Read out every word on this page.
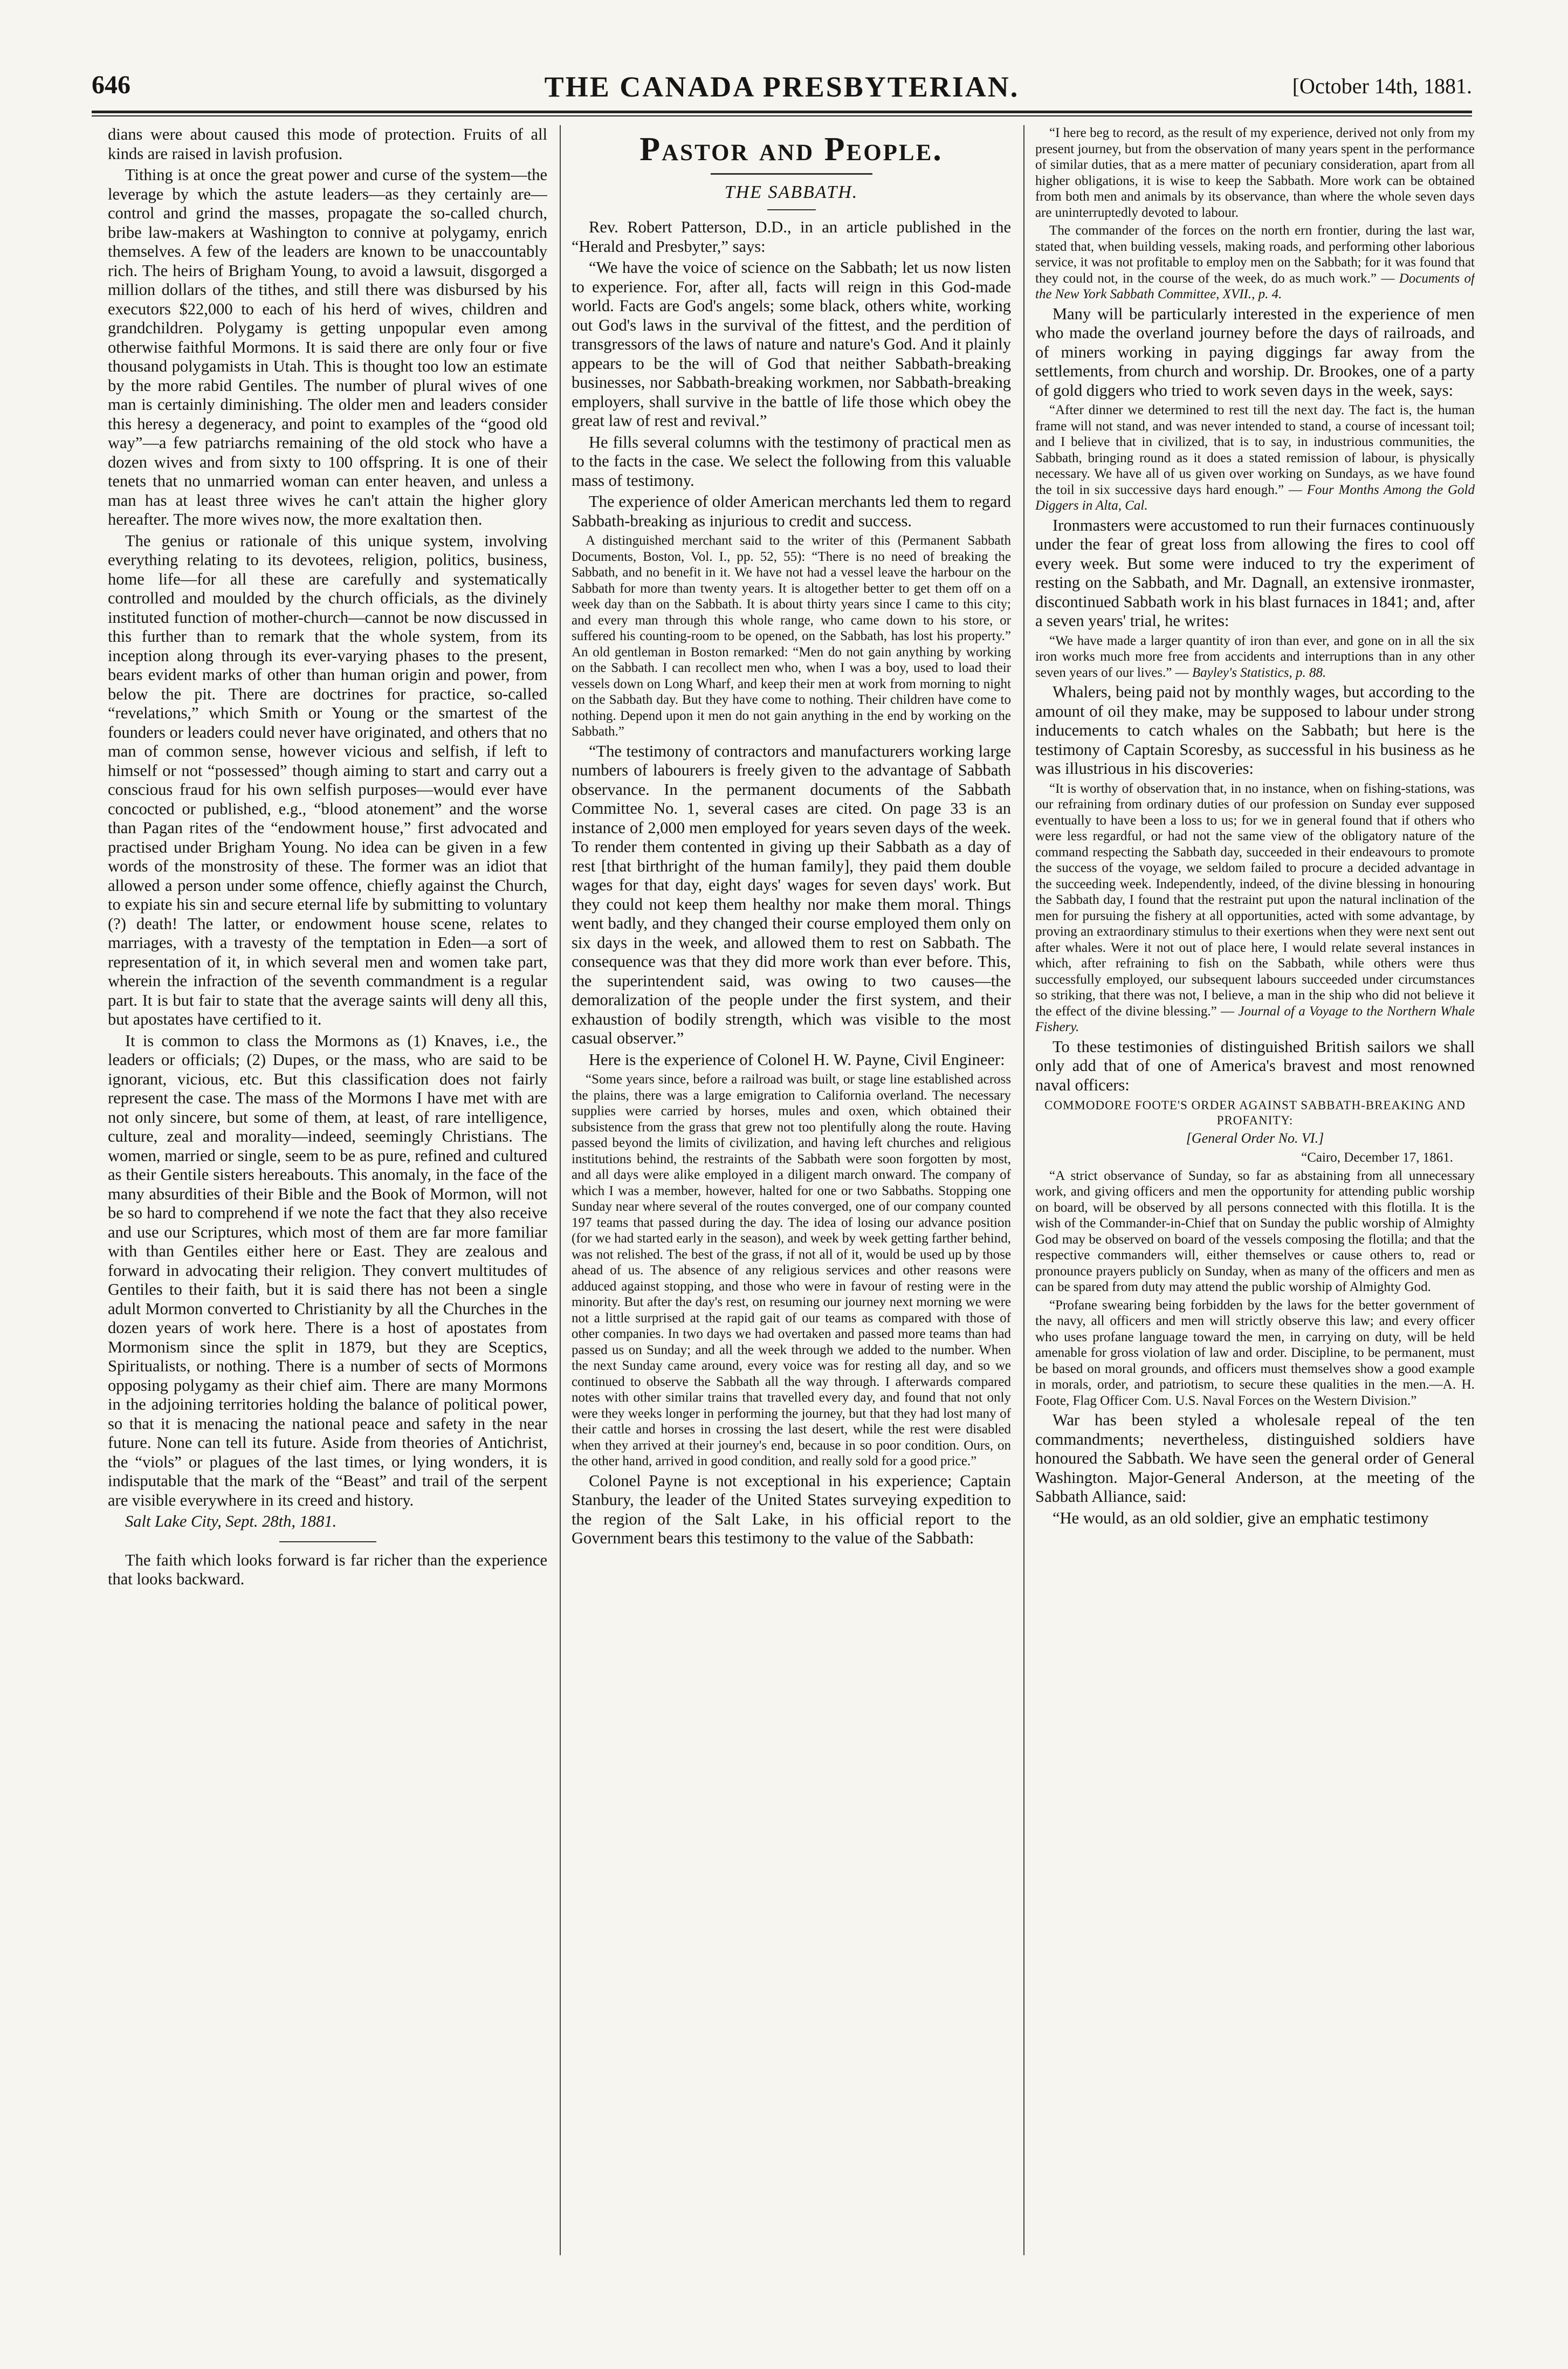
646	THE CANADA PRESBYTERIAN.	[October 14th, 1881.

dians were about caused this mode of protection. Fruits of all kinds are raised in lavish profusion.

Tithing is at once the great power and curse of the system—the leverage by which the astute leaders—as they certainly are—control and grind the masses, propagate the so-called church, bribe law-makers at Washington to connive at polygamy, enrich themselves. A few of the leaders are known to be unaccountably rich. The heirs of Brigham Young, to avoid a lawsuit, disgorged a million dollars of the tithes, and still there was disbursed by his executors $22,000 to each of his herd of wives, children and grandchildren. Polygamy is getting unpopular even among otherwise faithful Mormons. It is said there are only four or five thousand polygamists in Utah. This is thought too low an estimate by the more rabid Gentiles. The number of plural wives of one man is certainly diminishing. The older men and leaders consider this heresy a degeneracy, and point to examples of the “good old way”—a few patriarchs remaining of the old stock who have a dozen wives and from sixty to 100 offspring. It is one of their tenets that no unmarried woman can enter heaven, and unless a man has at least three wives he can't attain the higher glory hereafter. The more wives now, the more exaltation then.

The genius or rationale of this unique system, involving everything relating to its devotees, religion, politics, business, home life—for all these are carefully and systematically controlled and moulded by the church officials, as the divinely instituted function of mother-church—cannot be now discussed in this further than to remark that the whole system, from its inception along through its ever-varying phases to the present, bears evident marks of other than human origin and power, from below the pit. There are doctrines for practice, so-called “revelations,” which Smith or Young or the smartest of the founders or leaders could never have originated, and others that no man of common sense, however vicious and selfish, if left to himself or not “possessed” though aiming to start and carry out a conscious fraud for his own selfish purposes—would ever have concocted or published, e.g., “blood atonement” and the worse than Pagan rites of the “endowment house,” first advocated and practised under Brigham Young. No idea can be given in a few words of the monstrosity of these. The former was an idiot that allowed a person under some offence, chiefly against the Church, to expiate his sin and secure eternal life by submitting to voluntary (?) death! The latter, or endowment house scene, relates to marriages, with a travesty of the temptation in Eden—a sort of representation of it, in which several men and women take part, wherein the infraction of the seventh commandment is a regular part. It is but fair to state that the average saints will deny all this, but apostates have certified to it.

It is common to class the Mormons as (1) Knaves, i.e., the leaders or officials; (2) Dupes, or the mass, who are said to be ignorant, vicious, etc. But this classification does not fairly represent the case. The mass of the Mormons I have met with are not only sincere, but some of them, at least, of rare intelligence, culture, zeal and morality—indeed, seemingly Christians. The women, married or single, seem to be as pure, refined and cultured as their Gentile sisters hereabouts. This anomaly, in the face of the many absurdities of their Bible and the Book of Mormon, will not be so hard to comprehend if we note the fact that they also receive and use our Scriptures, which most of them are far more familiar with than Gentiles either here or East. They are zealous and forward in advocating their religion. They convert multitudes of Gentiles to their faith, but it is said there has not been a single adult Mormon converted to Christianity by all the Churches in the dozen years of work here. There is a host of apostates from Mormonism since the split in 1879, but they are Sceptics, Spiritualists, or nothing. There is a number of sects of Mormons opposing polygamy as their chief aim. There are many Mormons in the adjoining territories holding the balance of political power, so that it is menacing the national peace and safety in the near future. None can tell its future. Aside from theories of Antichrist, the “viols” or plagues of the last times, or lying wonders, it is indisputable that the mark of the “Beast” and trail of the serpent are visible everywhere in its creed and history.

Salt Lake City, Sept. 28th, 1881.

The faith which looks forward is far richer than the experience that looks backward.

Pastor and People.
THE SABBATH.

Rev. Robert Patterson, D.D., in an article published in the “Herald and Presbyter,” says:

“We have the voice of science on the Sabbath; let us now listen to experience. For, after all, facts will reign in this God-made world. Facts are God's angels; some black, others white, working out God's laws in the survival of the fittest, and the perdition of transgressors of the laws of nature and nature's God. And it plainly appears to be the will of God that neither Sabbath-breaking businesses, nor Sabbath-breaking workmen, nor Sabbath-breaking employers, shall survive in the battle of life those which obey the great law of rest and revival.”

He fills several columns with the testimony of practical men as to the facts in the case. We select the following from this valuable mass of testimony.

The experience of older American merchants led them to regard Sabbath-breaking as injurious to credit and success.

A distinguished merchant said to the writer of this (Permanent Sabbath Documents, Boston, Vol. I., pp. 52, 55): “There is no need of breaking the Sabbath, and no benefit in it. We have not had a vessel leave the harbour on the Sabbath for more than twenty years. It is altogether better to get them off on a week day than on the Sabbath. It is about thirty years since I came to this city; and every man through this whole range, who came down to his store, or suffered his counting-room to be opened, on the Sabbath, has lost his property.” An old gentleman in Boston remarked: “Men do not gain anything by working on the Sabbath. I can recollect men who, when I was a boy, used to load their vessels down on Long Wharf, and keep their men at work from morning to night on the Sabbath day. But they have come to nothing. Their children have come to nothing. Depend upon it men do not gain anything in the end by working on the Sabbath.”

“The testimony of contractors and manufacturers working large numbers of labourers is freely given to the advantage of Sabbath observance. In the permanent documents of the Sabbath Committee No. 1, several cases are cited. On page 33 is an instance of 2,000 men employed for years seven days of the week. To render them contented in giving up their Sabbath as a day of rest [that birthright of the human family], they paid them double wages for that day, eight days' wages for seven days' work. But they could not keep them healthy nor make them moral. Things went badly, and they changed their course employed them only on six days in the week, and allowed them to rest on Sabbath. The consequence was that they did more work than ever before. This, the superintendent said, was owing to two causes—the demoralization of the people under the first system, and their exhaustion of bodily strength, which was visible to the most casual observer.”

Here is the experience of Colonel H. W. Payne, Civil Engineer:

“Some years since, before a railroad was built, or stage line established across the plains, there was a large emigration to California overland. The necessary supplies were carried by horses, mules and oxen, which obtained their subsistence from the grass that grew not too plentifully along the route. Having passed beyond the limits of civilization, and having left churches and religious institutions behind, the restraints of the Sabbath were soon forgotten by most, and all days were alike employed in a diligent march onward. The company of which I was a member, however, halted for one or two Sabbaths. Stopping one Sunday near where several of the routes converged, one of our company counted 197 teams that passed during the day. The idea of losing our advance position (for we had started early in the season), and week by week getting farther behind, was not relished. The best of the grass, if not all of it, would be used up by those ahead of us. The absence of any religious services and other reasons were adduced against stopping, and those who were in favour of resting were in the minority. But after the day's rest, on resuming our journey next morning we were not a little surprised at the rapid gait of our teams as compared with those of other companies. In two days we had overtaken and passed more teams than had passed us on Sunday; and all the week through we added to the number. When the next Sunday came around, every voice was for resting all day, and so we continued to observe the Sabbath all the way through. I afterwards compared notes with other similar trains that travelled every day, and found that not only were they weeks longer in performing the journey, but that they had lost many of their cattle and horses in crossing the last desert, while the rest were disabled when they arrived at their journey's end, because in so poor condition. Ours, on the other hand, arrived in good condition, and really sold for a good price.”

Colonel Payne is not exceptional in his experience; Captain Stanbury, the leader of the United States surveying expedition to the region of the Salt Lake, in his official report to the Government bears this testimony to the value of the Sabbath:

“I here beg to record, as the result of my experience, derived not only from my present journey, but from the observation of many years spent in the performance of similar duties, that as a mere matter of pecuniary consideration, apart from all higher obligations, it is wise to keep the Sabbath. More work can be obtained from both men and animals by its observance, than where the whole seven days are uninterruptedly devoted to labour.

The commander of the forces on the north ern frontier, during the last war, stated that, when building vessels, making roads, and performing other laborious service, it was not profitable to employ men on the Sabbath; for it was found that they could not, in the course of the week, do as much work.” — Documents of the New York Sabbath Committee, XVII., p. 4.

Many will be particularly interested in the experience of men who made the overland journey before the days of railroads, and of miners working in paying diggings far away from the settlements, from church and worship. Dr. Brookes, one of a party of gold diggers who tried to work seven days in the week, says:

“After dinner we determined to rest till the next day. The fact is, the human frame will not stand, and was never intended to stand, a course of incessant toil; and I believe that in civilized, that is to say, in industrious communities, the Sabbath, bringing round as it does a stated remission of labour, is physically necessary. We have all of us given over working on Sundays, as we have found the toil in six successive days hard enough.” — Four Months Among the Gold Diggers in Alta, Cal.

Ironmasters were accustomed to run their furnaces continuously under the fear of great loss from allowing the fires to cool off every week. But some were induced to try the experiment of resting on the Sabbath, and Mr. Dagnall, an extensive ironmaster, discontinued Sabbath work in his blast furnaces in 1841; and, after a seven years' trial, he writes:

“We have made a larger quantity of iron than ever, and gone on in all the six iron works much more free from accidents and interruptions than in any other seven years of our lives.” — Bayley's Statistics, p. 88.

Whalers, being paid not by monthly wages, but according to the amount of oil they make, may be supposed to labour under strong inducements to catch whales on the Sabbath; but here is the testimony of Captain Scoresby, as successful in his business as he was illustrious in his discoveries:

“It is worthy of observation that, in no instance, when on fishing-stations, was our refraining from ordinary duties of our profession on Sunday ever supposed eventually to have been a loss to us; for we in general found that if others who were less regardful, or had not the same view of the obligatory nature of the command respecting the Sabbath day, succeeded in their endeavours to promote the success of the voyage, we seldom failed to procure a decided advantage in the succeeding week. Independently, indeed, of the divine blessing in honouring the Sabbath day, I found that the restraint put upon the natural inclination of the men for pursuing the fishery at all opportunities, acted with some advantage, by proving an extraordinary stimulus to their exertions when they were next sent out after whales. Were it not out of place here, I would relate several instances in which, after refraining to fish on the Sabbath, while others were thus successfully employed, our subsequent labours succeeded under circumstances so striking, that there was not, I believe, a man in the ship who did not believe it the effect of the divine blessing.” — Journal of a Voyage to the Northern Whale Fishery.

To these testimonies of distinguished British sailors we shall only add that of one of America's bravest and most renowned naval officers:

COMMODORE FOOTE'S ORDER AGAINST SABBATH-BREAKING AND PROFANITY:
[General Order No. VI.]

“Cairo, December 17, 1861.

“A strict observance of Sunday, so far as abstaining from all unnecessary work, and giving officers and men the opportunity for attending public worship on board, will be observed by all persons connected with this flotilla. It is the wish of the Commander-in-Chief that on Sunday the public worship of Almighty God may be observed on board of the vessels composing the flotilla; and that the respective commanders will, either themselves or cause others to, read or pronounce prayers publicly on Sunday, when as many of the officers and men as can be spared from duty may attend the public worship of Almighty God.

“Profane swearing being forbidden by the laws for the better government of the navy, all officers and men will strictly observe this law; and every officer who uses profane language toward the men, in carrying on duty, will be held amenable for gross violation of law and order. Discipline, to be permanent, must be based on moral grounds, and officers must themselves show a good example in morals, order, and patriotism, to secure these qualities in the men.—A. H. Foote, Flag Officer Com. U.S. Naval Forces on the Western Division.”

War has been styled a wholesale repeal of the ten commandments; nevertheless, distinguished soldiers have honoured the Sabbath. We have seen the general order of General Washington. Major-General Anderson, at the meeting of the Sabbath Alliance, said:

“He would, as an old soldier, give an emphatic testimony
